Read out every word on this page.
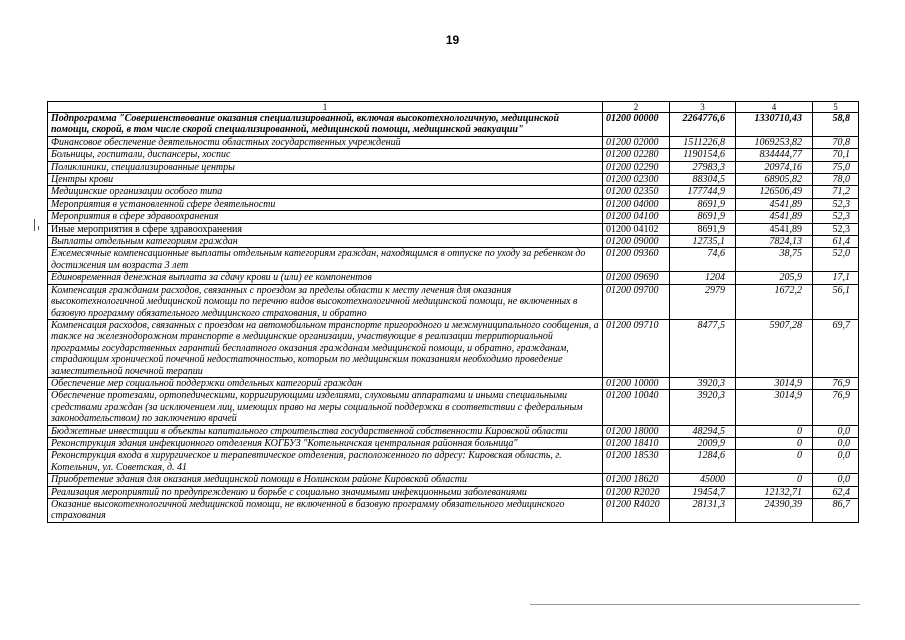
19
1	2	3	4	5
Подпрограмма "Совершенствование оказания специализированной, включая высокотехнологичную, медицинской помощи, скорой, в том числе скорой специализированной, медицинской помощи, медицинской эвакуации"	01200 00000	2264776,6	1330710,43	58,8
Финансовое обеспечение деятельности областных государственных учреждений	01200 02000	1511226,8	1069253,82	70,8
Больницы, госпитали, диспансеры, хоспис	01200 02280	1190154,6	834444,77	70,1
Поликлиники, специализированные центры	01200 02290	27983,3	20974,16	75,0
Центры крови	01200 02300	88304,5	68905,82	78,0
Медицинские организации особого типа	01200 02350	177744,9	126506,49	71,2
Мероприятия в установленной сфере деятельности	01200 04000	8691,9	4541,89	52,3
Мероприятия в сфере здравоохранения	01200 04100	8691,9	4541,89	52,3
Иные мероприятия в сфере здравоохранения	01200 04102	8691,9	4541,89	52,3
Выплаты отдельным категориям граждан	01200 09000	12735,1	7824,13	61,4
Ежемесячные компенсационные выплаты отдельным категориям граждан, находящимся в отпуске по уходу за ребенком до достижения им возраста 3 лет	01200 09360	74,6	38,75	52,0
Единовременная денежная выплата за сдачу крови и (или) ее компонентов	01200 09690	1204	205,9	17,1
Компенсация гражданам расходов, связанных с проездом за пределы области к месту лечения для оказания высокотехнологичной медицинской помощи по перечню видов высокотехнологичной медицинской помощи, не включенных в базовую программу обязательного медицинского страхования, и обратно	01200 09700	2979	1672,2	56,1
Компенсация расходов, связанных с проездом на автомобильном транспорте пригородного и межмуниципального сообщения, а также на железнодорожном транспорте в медицинские организации, участвующие в реализации территориальной программы государственных гарантий бесплатного оказания гражданам медицинской помощи, и обратно, гражданам, страдающим хронической почечной недостаточностью, которым по медицинским показаниям необходимо проведение заместительной почечной терапии	01200 09710	8477,5	5907,28	69,7
Обеспечение мер социальной поддержки отдельных категорий граждан	01200 10000	3920,3	3014,9	76,9
Обеспечение протезами, ортопедическими, корригирующими изделиями, слуховыми аппаратами и иными специальными средствами граждан (за исключением лиц, имеющих право на меры социальной поддержки в соответствии с федеральным законодательством) по заключению врачей	01200 10040	3920,3	3014,9	76,9
Бюджетные инвестиции в объекты капитального строительства государственной собственности Кировской области	01200 18000	48294,5	0	0,0
Реконструкция здания инфекционного отделения КОГБУЗ "Котельничская центральная районная больница"	01200 18410	2009,9	0	0,0
Реконструкция входа в хирургическое и терапевтическое отделения, расположенного по адресу: Кировская область, г. Котельнич, ул. Советская, д. 41	01200 18530	1284,6	0	0,0
Приобретение здания для оказания медицинской помощи в Нолинском районе Кировской области	01200 18620	45000	0	0,0
Реализация мероприятий по предупреждению и борьбе с социально значимыми инфекционными заболеваниями	01200 R2020	19454,7	12132,71	62,4
Оказание высокотехнологичной медицинской помощи, не включенной в базовую программу обязательного медицинского страхования	01200 R4020	28131,3	24390,39	86,7
